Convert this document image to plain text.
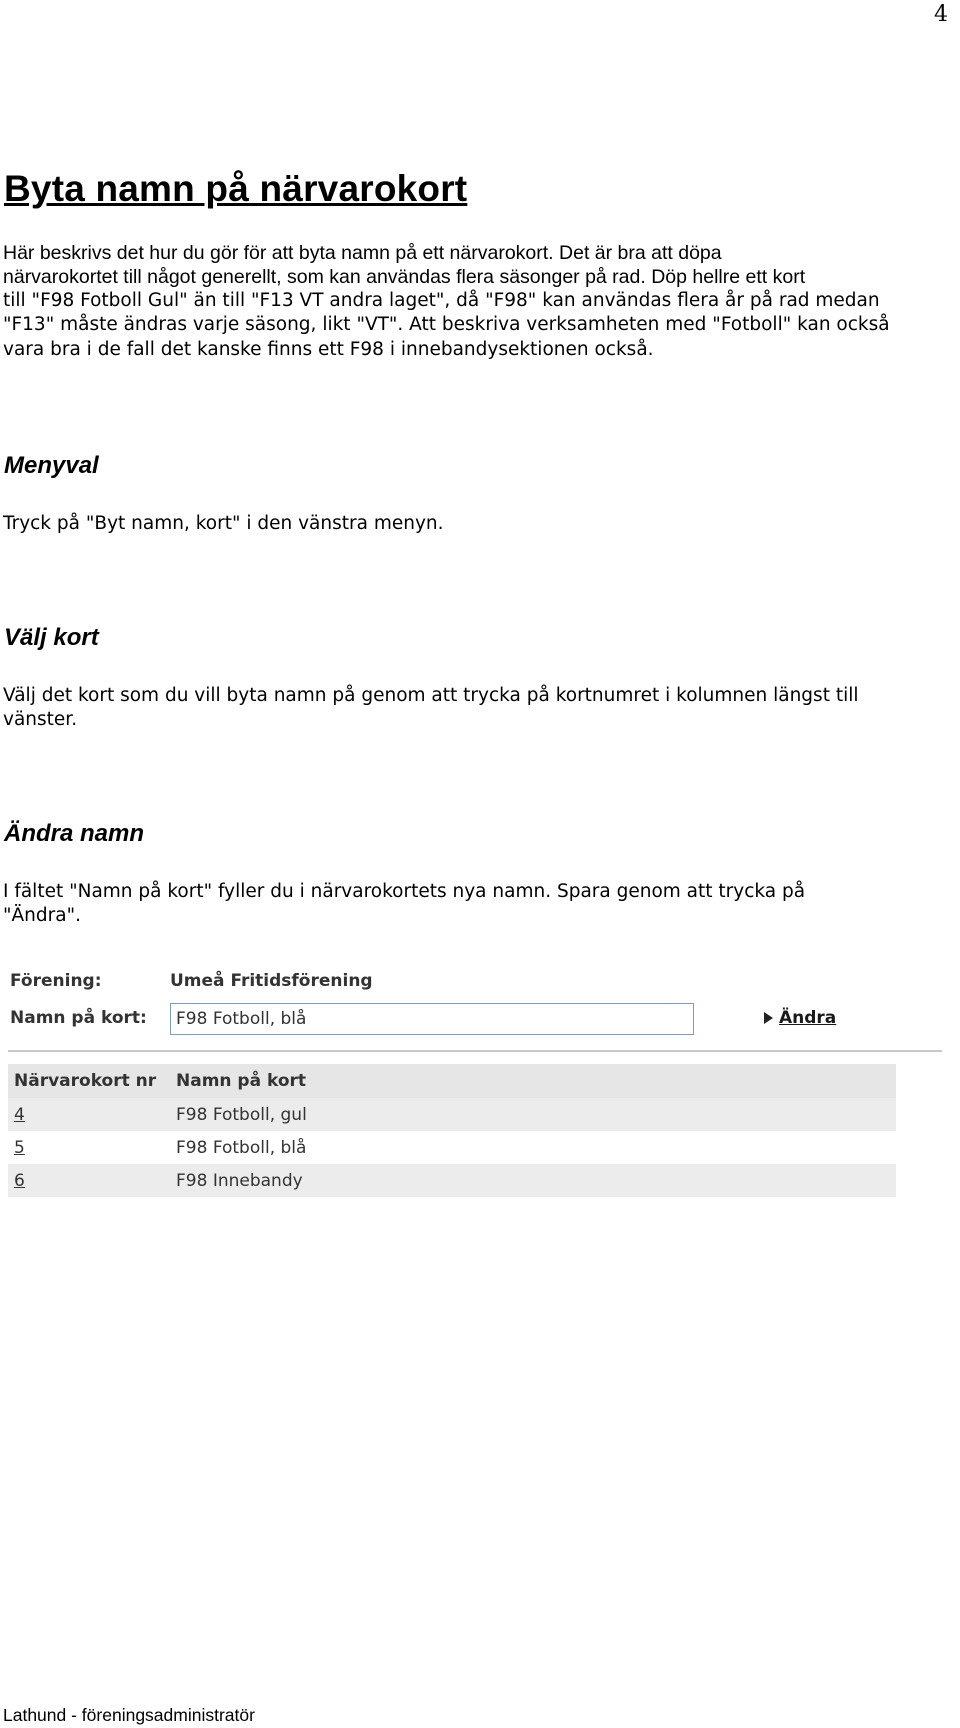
4
Byta namn på närvarokort

Här beskrivs det hur du gör för att byta namn på ett närvarokort. Det är bra att döpa

närvarokortet till något generellt, som kan användas flera säsonger på rad. Döp hellre ett kort

till "F98 Fotboll Gul" än till "F13 VT andra laget", då "F98" kan användas flera år på rad medan

"F13" måste ändras varje säsong, likt "VT". Att beskriva verksamheten med "Fotboll" kan också

vara bra i de fall det kanske finns ett F98 i innebandysektionen också.

Menyval

Tryck på "Byt namn, kort" i den vänstra menyn.

Välj kort

Välj det kort som du vill byta namn på genom att trycka på kortnumret i kolumnen längst till

vänster.

Ändra namn

I fältet "Namn på kort" fyller du i närvarokortets nya namn. Spara genom att trycka på

"Ändra".

Förening:	Umeå Fritidsförening
Namn på kort:
F98 Fotboll, blå	Ändra
Närvarokort nr	Namn på kort
4	F98 Fotboll, gul
5	F98 Fotboll, blå
6	F98 Innebandy
Lathund - föreningsadministratör
